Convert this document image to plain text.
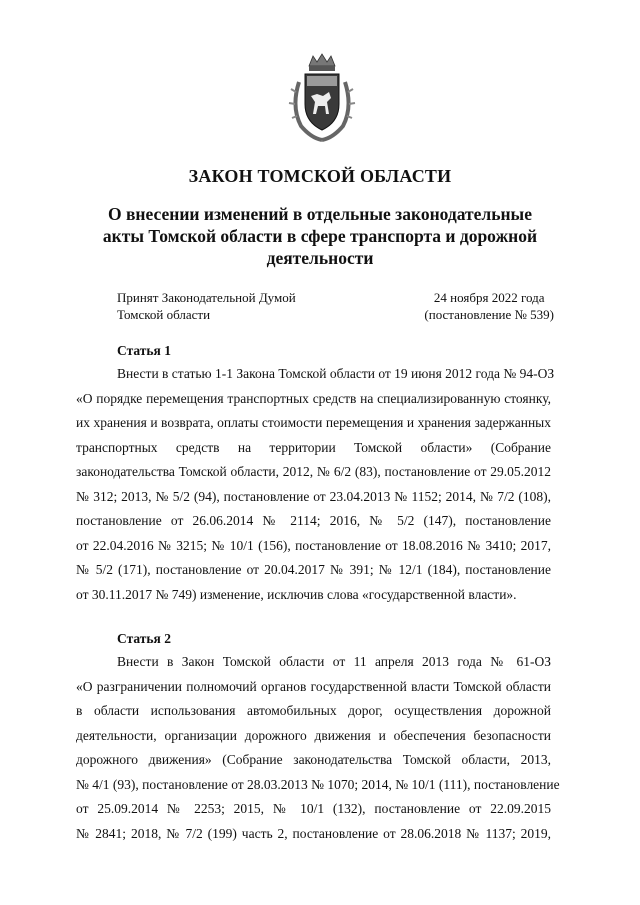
ЗАКОН ТОМСКОЙ ОБЛАСТИ
О внесении изменений в отдельные законодательные
акты Томской области в сфере транспорта и дорожной
деятельности
Принят Законодательной Думой
Томской области
24 ноября 2022 года
(постановление № 539)
Статья 1
Внести в статью 1-1 Закона Томской области от 19 июня 2012 года № 94-ОЗ
«О порядке перемещения транспортных средств на специализированную стоянку,
их хранения и возврата, оплаты стоимости перемещения и хранения задержанных
транспортных средств на территории Томской области» (Собрание
законодательства Томской области, 2012, № 6/2 (83), постановление от 29.05.2012
№ 312; 2013, № 5/2 (94), постановление от 23.04.2013 № 1152; 2014, № 7/2 (108),
постановление от 26.06.2014 № 2114; 2016, № 5/2 (147), постановление
от 22.04.2016 № 3215; № 10/1 (156), постановление от 18.08.2016 № 3410; 2017,
№ 5/2 (171), постановление от 20.04.2017 № 391; № 12/1 (184), постановление
от 30.11.2017 № 749) изменение, исключив слова «государственной власти».
Статья 2
Внести в Закон Томской области от 11 апреля 2013 года № 61-ОЗ
«О разграничении полномочий органов государственной власти Томской области
в области использования автомобильных дорог, осуществления дорожной
деятельности, организации дорожного движения и обеспечения безопасности
дорожного движения» (Собрание законодательства Томской области, 2013,
№ 4/1 (93), постановление от 28.03.2013 № 1070; 2014, № 10/1 (111), постановление
от 25.09.2014 № 2253; 2015, № 10/1 (132), постановление от 22.09.2015
№ 2841; 2018, № 7/2 (199) часть 2, постановление от 28.06.2018 № 1137; 2019,
